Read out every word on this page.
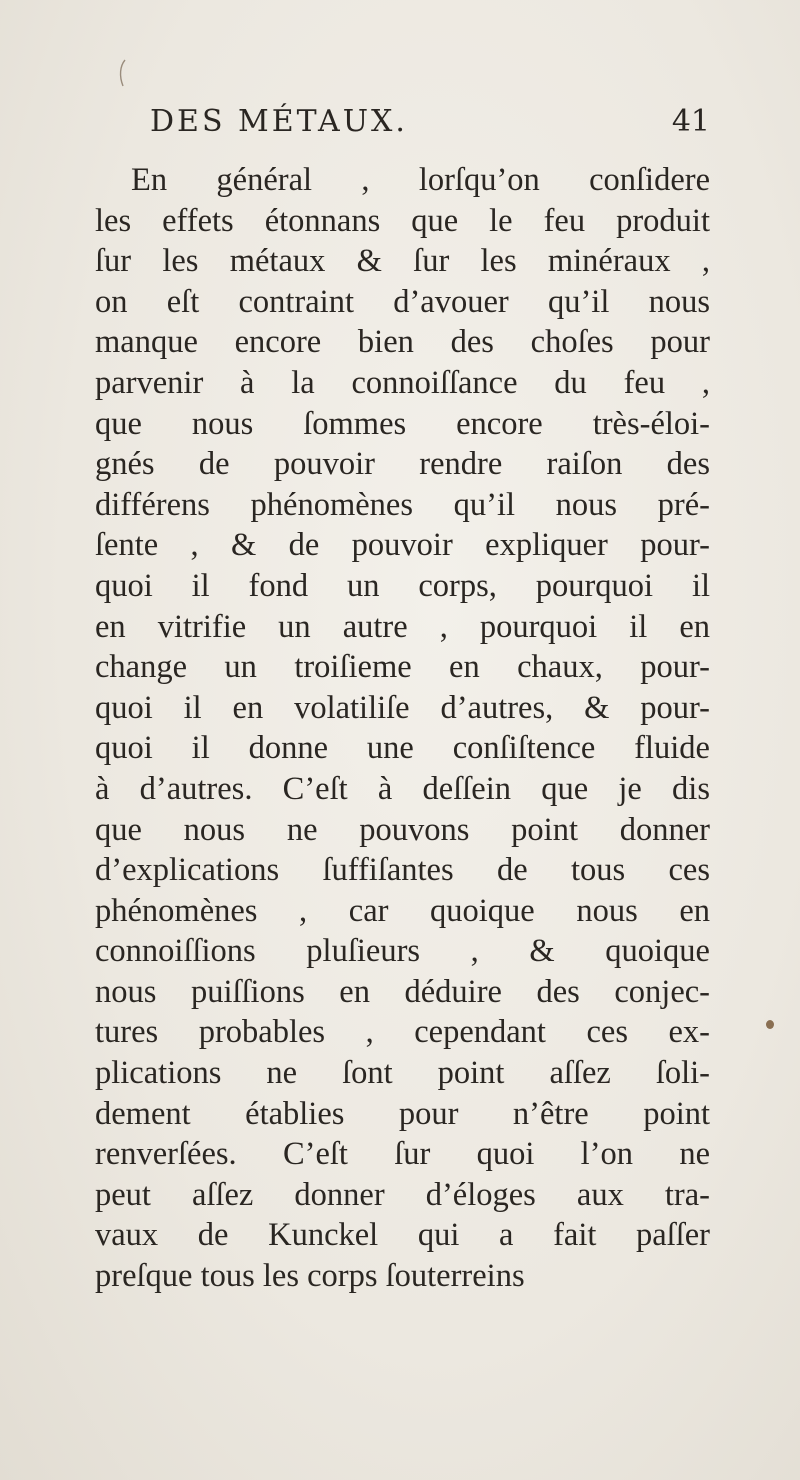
DES MÉTAUX.	41
En général , lorſqu’on conſidere
les effets étonnans que le feu produit
ſur les métaux & ſur les minéraux ,
on eſt contraint d’avouer qu’il nous
manque encore bien des choſes pour
parvenir à la connoiſſance du feu ,
que nous ſommes encore très-éloi-
gnés de pouvoir rendre raiſon des
différens phénomènes qu’il nous pré-
ſente , & de pouvoir expliquer pour-
quoi il fond un corps, pourquoi il
en vitrifie un autre , pourquoi il en
change un troiſieme en chaux, pour-
quoi il en volatiliſe d’autres, & pour-
quoi il donne une conſiſtence fluide
à d’autres. C’eſt à deſſein que je dis
que nous ne pouvons point donner
d’explications ſuffiſantes de tous ces
phénomènes , car quoique nous en
connoiſſions pluſieurs , & quoique
nous puiſſions en déduire des conjec-
tures probables , cependant ces ex-
plications ne ſont point aſſez ſoli-
dement établies pour n’être point
renverſées. C’eſt ſur quoi l’on ne
peut aſſez donner d’éloges aux tra-
vaux de Kunckel qui a fait paſſer
preſque tous les corps ſouterreins
